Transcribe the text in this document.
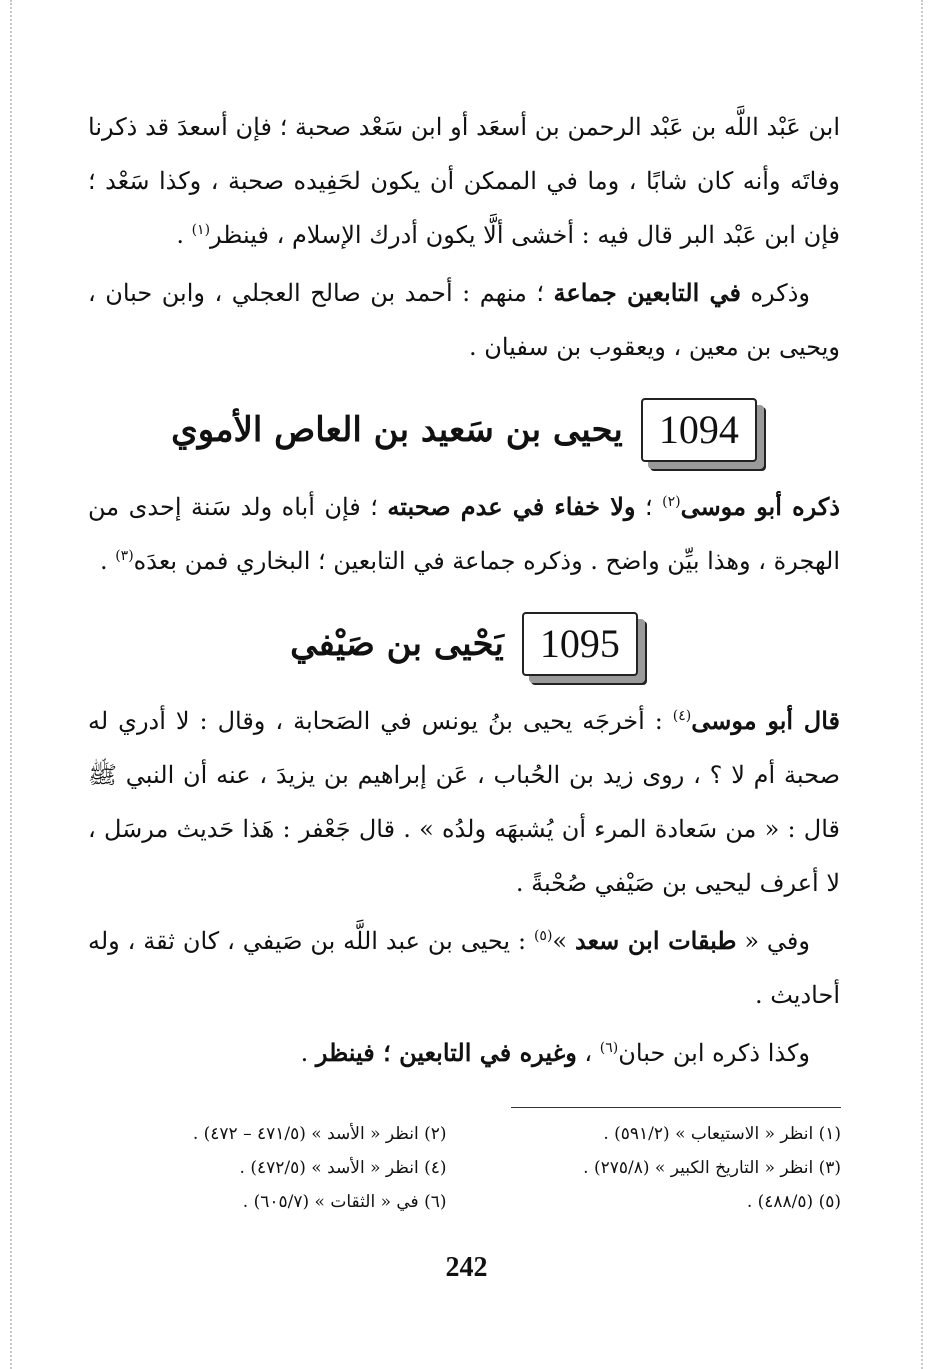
ابن عَبْد اللَّه بن عَبْد الرحمن بن أسعَد أو ابن سَعْد صحبة ؛ فإن أسعدَ قد ذكرنا وفاتَه وأنه كان شابًا ، وما في الممكن أن يكون لحَفِيده صحبة ، وكذا سَعْد ؛ فإن ابن عَبْد البر قال فيه : أخشى ألَّا يكون أدرك الإسلام ، فينظر$^{(١)}$ .

وذكره في التابعين جماعة ؛ منهم : أحمد بن صالح العجلي ، وابن حبان ، ويحيى بن معين ، ويعقوب بن سفيان .

1094
يحيى بن سَعيد بن العاص الأموي

ذكره أبو موسى$^{(٢)}$ ؛ ولا خفاء في عدم صحبته ؛ فإن أباه ولد سَنة إحدى من الهجرة ، وهذا بيِّن واضح . وذكره جماعة في التابعين ؛ البخاري فمن بعدَه$^{(٣)}$ .

1095
يَحْيى بن صَيْفي

قال أبو موسى$^{(٤)}$ : أخرجَه يحيى بنُ يونس في الصَحابة ، وقال : لا أدري له صحبة أم لا ؟ ، روى زيد بن الحُباب ، عَن إبراهيم بن يزيدَ ، عنه أن النبي ﷺ قال : « من سَعادة المرء أن يُشبهَه ولدُه » . قال جَعْفر : هَذا حَديث مرسَل ، لا أعرف ليحيى بن صَيْفي صُحْبةً .

وفي « طبقات ابن سعد »$^{(٥)}$ : يحيى بن عبد اللَّه بن صَيفي ، كان ثقة ، وله أحاديث .

وكذا ذكره ابن حبان$^{(٦)}$ ، وغيره في التابعين ؛ فينظر .

(١) انظر « الاستيعاب » (٥٩١/٢) .
(٢) انظر « الأسد » (٤٧١/٥ – ٤٧٢) .
(٣) انظر « التاريخ الكبير » (٢٧٥/٨) .
(٤) انظر « الأسد » (٤٧٢/٥) .
(٥) (٤٨٨/٥) .
(٦) في « الثقات » (٦٠٥/٧) .
242
